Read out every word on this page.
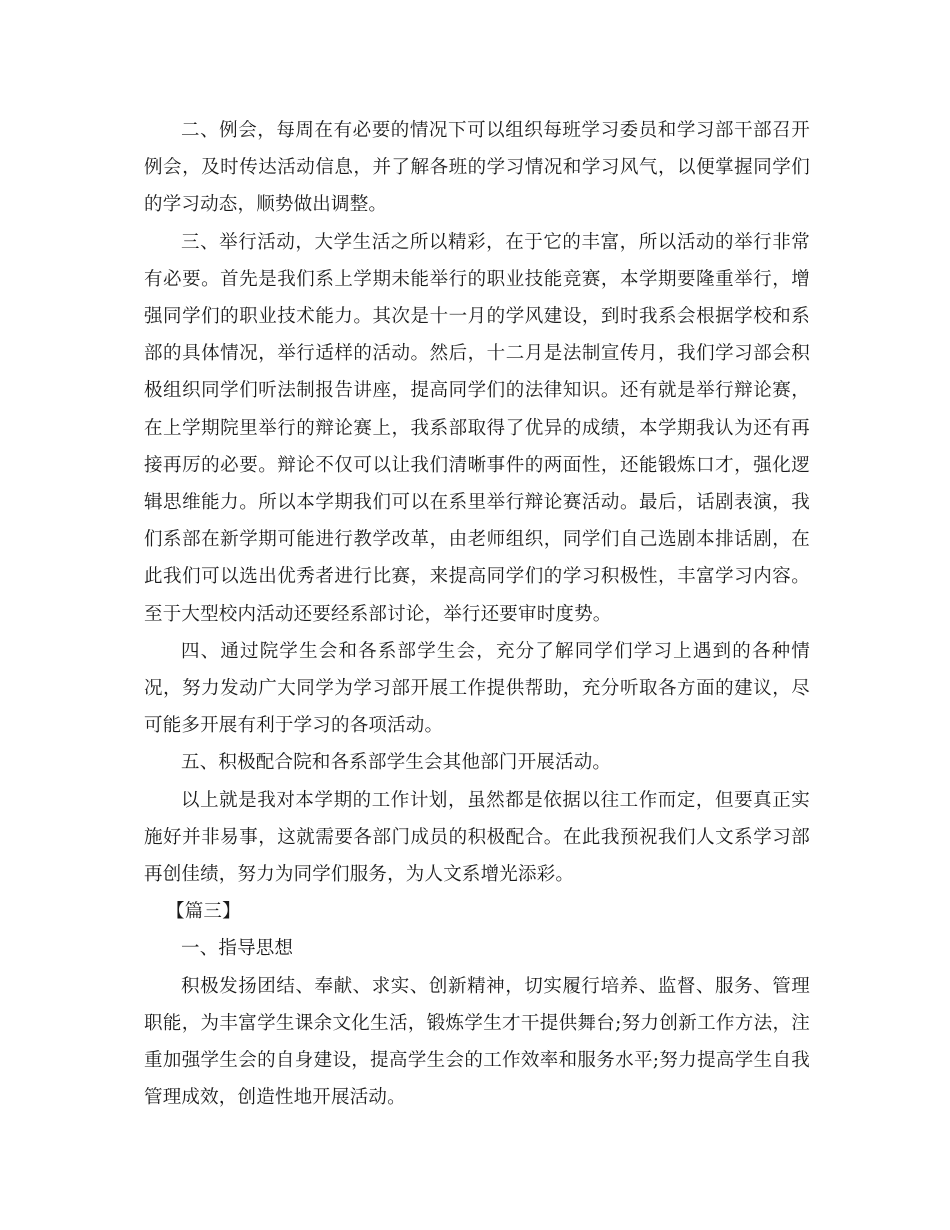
二、例会，每周在有必要的情况下可以组织每班学习委员和学习部干部召开例会，及时传达活动信息，并了解各班的学习情况和学习风气，以便掌握同学们的学习动态，顺势做出调整。

三、举行活动，大学生活之所以精彩，在于它的丰富，所以活动的举行非常有必要。首先是我们系上学期未能举行的职业技能竞赛，本学期要隆重举行，增强同学们的职业技术能力。其次是十一月的学风建设，到时我系会根据学校和系部的具体情况，举行适样的活动。然后，十二月是法制宣传月，我们学习部会积极组织同学们听法制报告讲座，提高同学们的法律知识。还有就是举行辩论赛，在上学期院里举行的辩论赛上，我系部取得了优异的成绩，本学期我认为还有再接再厉的必要。辩论不仅可以让我们清晰事件的两面性，还能锻炼口才，强化逻辑思维能力。所以本学期我们可以在系里举行辩论赛活动。最后，话剧表演，我们系部在新学期可能进行教学改革，由老师组织，同学们自己选剧本排话剧，在此我们可以选出优秀者进行比赛，来提高同学们的学习积极性，丰富学习内容。至于大型校内活动还要经系部讨论，举行还要审时度势。

四、通过院学生会和各系部学生会，充分了解同学们学习上遇到的各种情况，努力发动广大同学为学习部开展工作提供帮助，充分听取各方面的建议，尽可能多开展有利于学习的各项活动。

五、积极配合院和各系部学生会其他部门开展活动。

以上就是我对本学期的工作计划，虽然都是依据以往工作而定，但要真正实施好并非易事，这就需要各部门成员的积极配合。在此我预祝我们人文系学习部再创佳绩，努力为同学们服务，为人文系增光添彩。

【篇三】

一、指导思想

积极发扬团结、奉献、求实、创新精神，切实履行培养、监督、服务、管理职能，为丰富学生课余文化生活，锻炼学生才干提供舞台;努力创新工作方法，注重加强学生会的自身建设，提高学生会的工作效率和服务水平;努力提高学生自我管理成效，创造性地开展活动。
